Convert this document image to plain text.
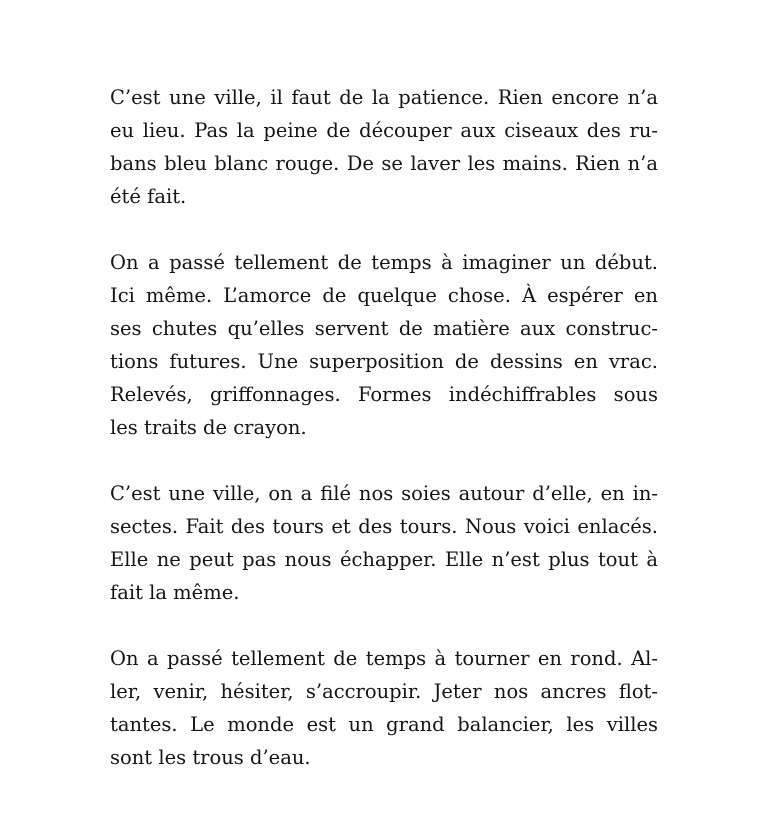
C’est une ville, il faut de la patience. Rien encore n’a
eu lieu. Pas la peine de découper aux ciseaux des ru-
bans bleu blanc rouge. De se laver les mains. Rien n’a
été fait.
On a passé tellement de temps à imaginer un début.
Ici même. L’amorce de quelque chose. À espérer en
ses chutes qu’elles servent de matière aux construc-
tions futures. Une superposition de dessins en vrac.
Relevés, griffonnages. Formes indéchiffrables sous
les traits de crayon.
C’est une ville, on a filé nos soies autour d’elle, en in-
sectes. Fait des tours et des tours. Nous voici enlacés.
Elle ne peut pas nous échapper. Elle n’est plus tout à
fait la même.
On a passé tellement de temps à tourner en rond. Al-
ler, venir, hésiter, s’accroupir. Jeter nos ancres flot-
tantes. Le monde est un grand balancier, les villes
sont les trous d’eau.
